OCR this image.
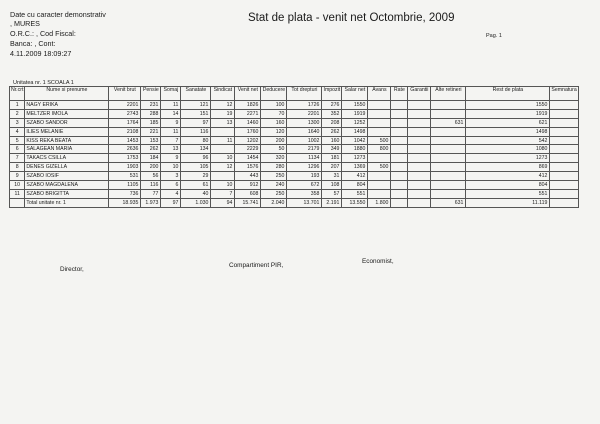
Date cu caracter demonstrativ
, MURES
O.R.C.: , Cod Fiscal:
Banca: , Cont:
4.11.2009 18:09:27
Stat de plata - venit net Octombrie, 2009
Pag. 1
Unitatea nr. 1 SCOALA 1
Nr.crt	Nume si prenume	Venit brut	Pensie	Somaj	Sanatate	Sindicat	Venit net	Deducere	Tot drepturi	Impozit	Salar net	Avans	Rate	Garantii	Alte retineri	Rest de plata	Semnatura
1	NAGY ERIKA	2201	231	11	121	12	1826	100	1726	276	1550					1550	
2	MELTZER IMOLA	2743	288	14	151	19	2271	70	2201	352	1919					1919	
3	SZABO SANDOR	1764	185	9	97	13	1460	160	1300	208	1252				631	621	
4	ILIES MELANIE	2108	221	11	116		1760	120	1640	262	1498					1498	
5	KISS REKA BEATA	1453	153	7	80	11	1202	200	1002	160	1042	500				542	
6	SALAGEAN MARIA	2636	262	13	134		2229	50	2179	349	1880	800				1080	
7	TAKACS CSILLA	1753	184	9	96	10	1454	320	1134	181	1273					1273	
8	DENES GIZELLA	1903	200	10	105	12	1576	280	1296	207	1369	500				869	
9	SZABO IOSIF	531	56	3	29		443	250	193	31	412					412	
10	SZABO MAGDALENA	1105	116	6	61	10	912	240	672	108	804					804	
11	SZABO BRIGITTA	736	77	4	40	7	608	250	358	57	551					551	
	Total unitate nr. 1	18.935	1.973	97	1.030	94	15.741	2.040	13.701	2.191	13.550	1.800			631	11.119	
Director,
Compartiment PIR,
Economist,
